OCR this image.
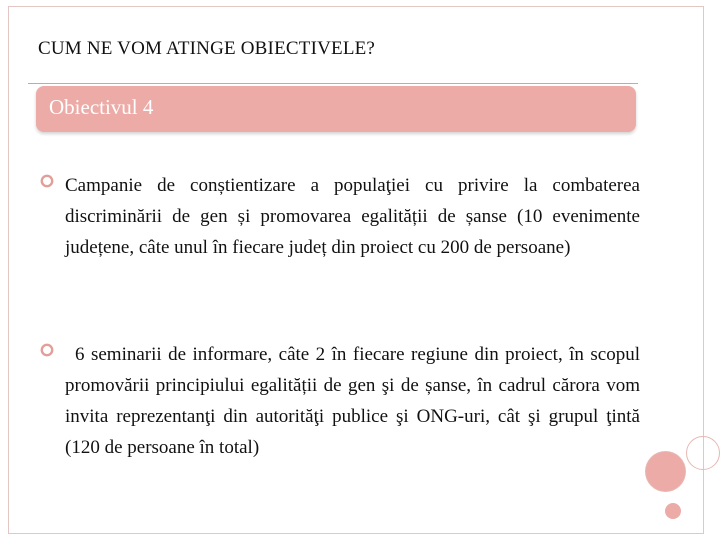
CUM NE VOM ATINGE OBIECTIVELE?
Obiectivul 4
Campanie de conștientizare a populaţiei cu privire la combaterea discriminării de gen și promovarea egalității de șanse (10 evenimente județene, câte unul în fiecare județ din proiect cu 200 de persoane)
6 seminarii de informare, câte 2 în fiecare regiune din proiect, în scopul promovării principiului egalității de gen şi de șanse, în cadrul cărora vom invita reprezentanţi din autorităţi publice şi ONG-uri, cât şi grupul ţintă (120 de persoane în total)
